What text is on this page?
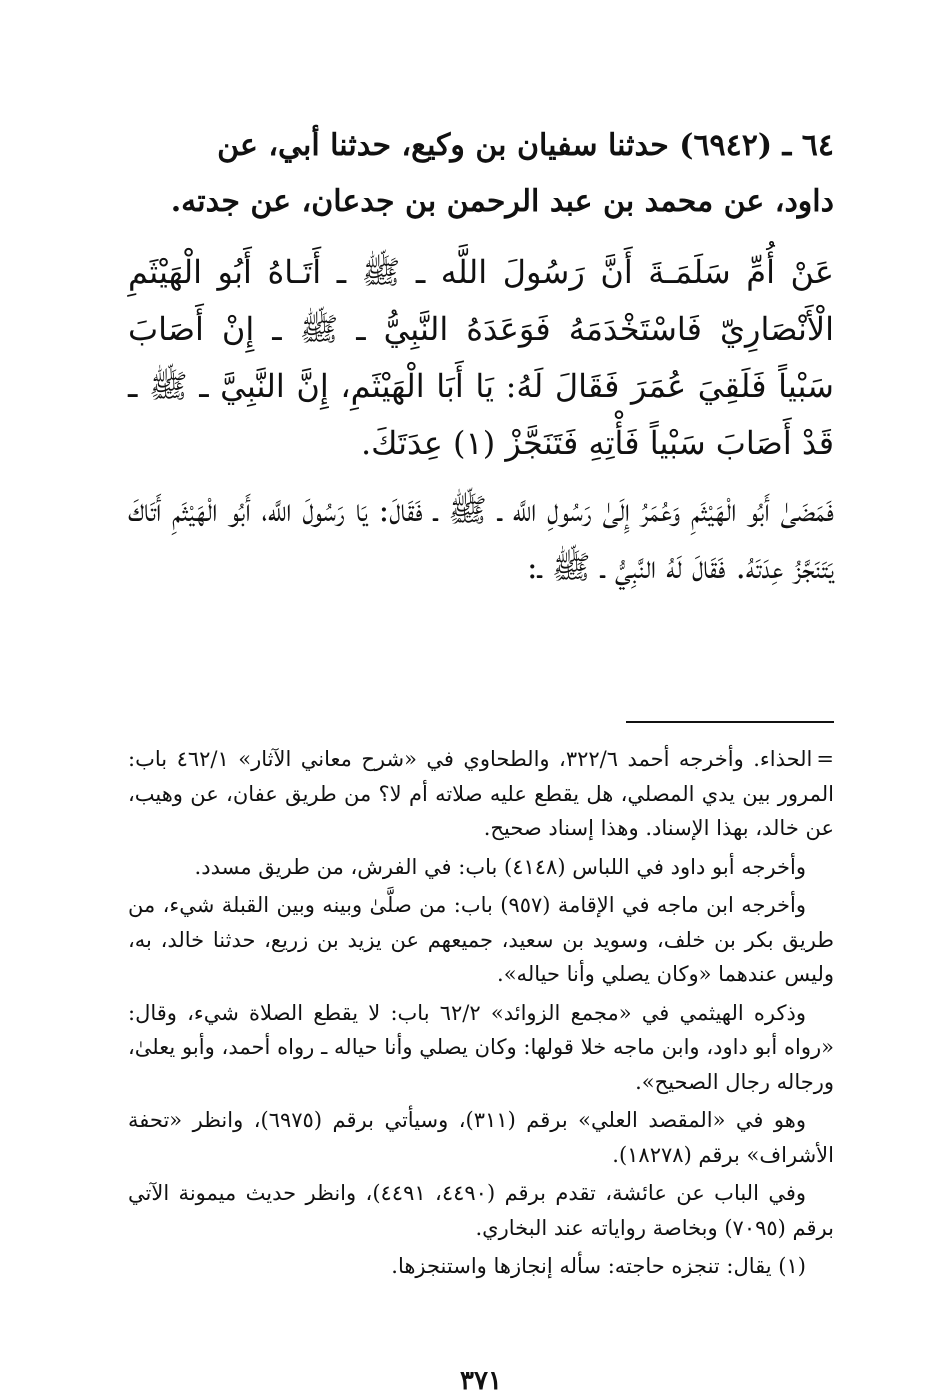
٦٤ ـ (٦٩٤٢) حدثنا سفيان بن وكيع، حدثنا أبي، عن

داود، عن محمد بن عبد الرحمن بن جدعان، عن جدته.

عَنْ أُمِّ سَلَمَـةَ أَنَّ رَسُولَ اللَّه ـ ﷺ ـ أَتَـاهُ أَبُو الْهَيْثَمِ الْأَنْصَارِيّ فَاسْتَخْدَمَهُ فَوَعَدَهُ النَّبِيُّ ـ ﷺ ـ إِنْ أَصَابَ سَبْياً فَلَقِيَ عُمَرَ فَقَالَ لَهُ: يَا أَبَا الْهَيْثَمِ، إِنَّ النَّبِيَّ ـ ﷺ ـ قَدْ أَصَابَ سَبْياً فَأْتِهِ فَتَنَجَّزْ (١) عِدَتَكَ.

فَمَضَىٰ أَبُو الْهَيْثَمِ وَعُمَرُ إِلَىٰ رَسُولِ اللَّه ـ ﷺ ـ فَقَالَ: يَا رَسُولَ اللَّه، أَبُو الْهَيْثَمِ أَتَاكَ يَتَنَجَّزُ عِدَتَهُ. فَقَالَ لَهُ النَّبِيُّ ـ ﷺ ـ:

=الحذاء. وأخرجه أحمد ٣٢٢/٦، والطحاوي في «شرح معاني الآثار» ٤٦٢/١ باب: المرور بين يدي المصلي، هل يقطع عليه صلاته أم لا؟ من طريق عفان، عن وهيب، عن خالد، بهذا الإسناد. وهذا إسناد صحيح.

وأخرجه أبو داود في اللباس (٤١٤٨) باب: في الفرش، من طريق مسدد.

وأخرجه ابن ماجه في الإقامة (٩٥٧) باب: من صلَّىٰ وبينه وبين القبلة شيء، من طريق بكر بن خلف، وسويد بن سعيد، جميعهم عن يزيد بن زريع، حدثنا خالد، به، وليس عندهما «وكان يصلي وأنا حياله».

وذكره الهيثمي في «مجمع الزوائد» ٦٢/٢ باب: لا يقطع الصلاة شيء، وقال: «رواه أبو داود، وابن ماجه خلا قولها: وكان يصلي وأنا حياله ـ رواه أحمد، وأبو يعلىٰ، ورجاله رجال الصحيح».

وهو في «المقصد العلي» برقم (٣١١)، وسيأتي برقم (٦٩٧٥)، وانظر «تحفة الأشراف» برقم (١٨٢٧٨).

وفي الباب عن عائشة، تقدم برقم (٤٤٩٠، ٤٤٩١)، وانظر حديث ميمونة الآتي برقم (٧٠٩٥) وبخاصة رواياته عند البخاري.

(١) يقال: تنجزه حاجته: سأله إنجازها واستنجزها.

٣٧١
